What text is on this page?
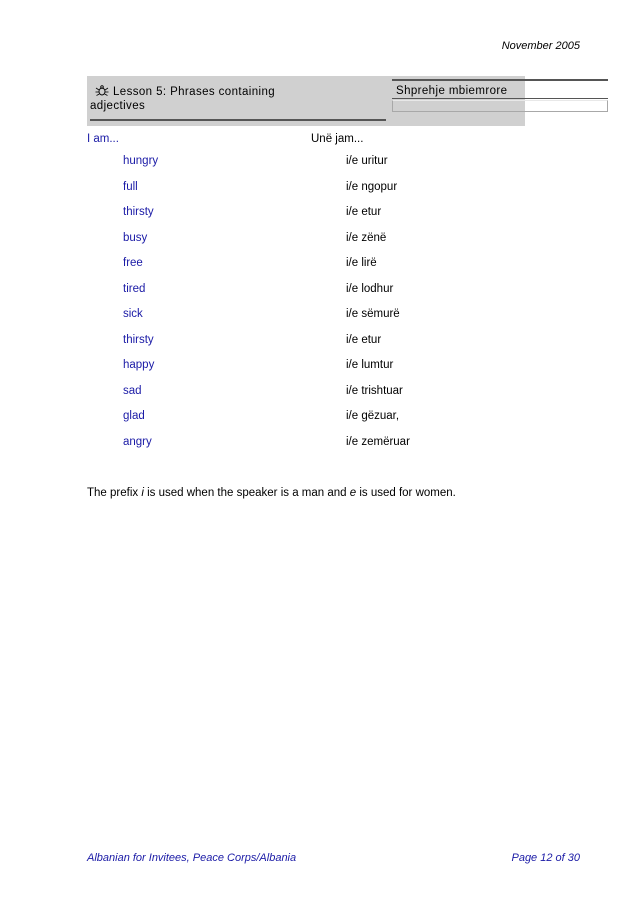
November 2005
Lesson 5: Phrases containing
adjectives
Shprehje mbiemrore
I am...	Unë jam...
hungry	i/e uritur
full	i/e ngopur
thirsty	i/e etur
busy	i/e zënë
free	i/e lirë
tired	i/e lodhur
sick	i/e sëmurë
thirsty	i/e etur
happy	i/e lumtur
sad	i/e trishtuar
glad	i/e gëzuar,
angry	i/e zemëruar
The prefix i is used when the speaker is a man and e is used for women.
Albanian for Invitees, Peace Corps/Albania	Page 12 of 30
